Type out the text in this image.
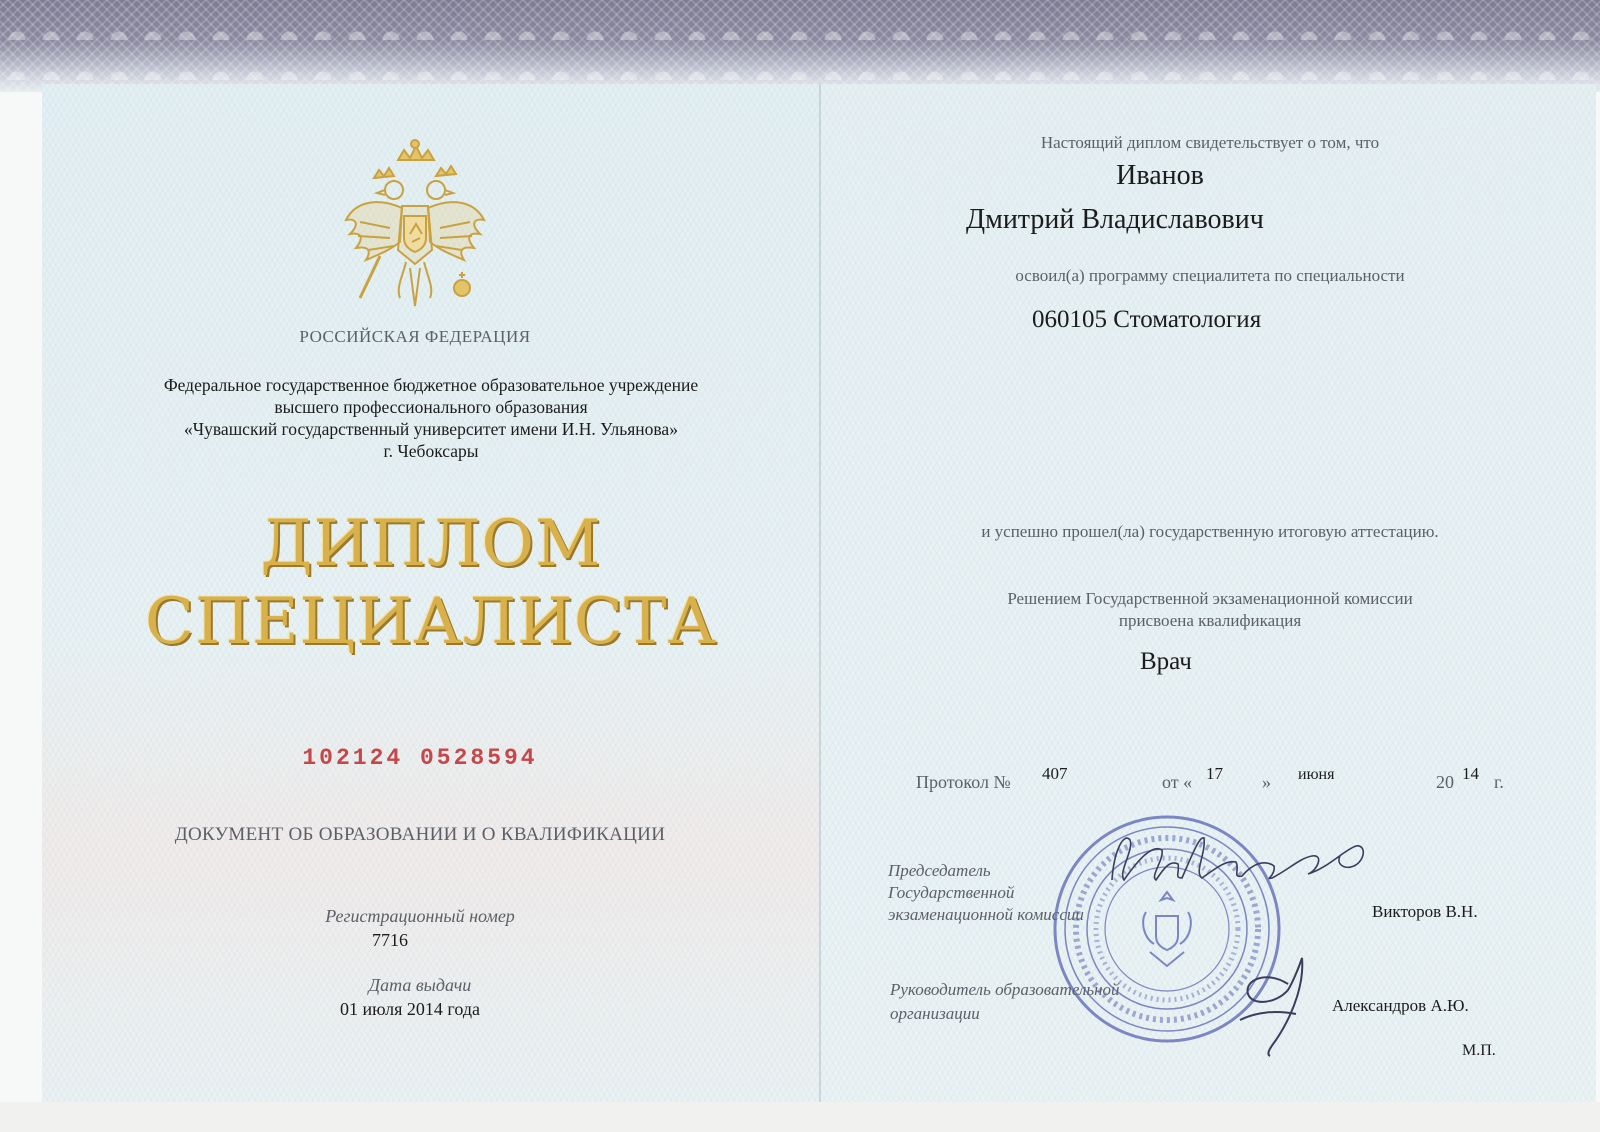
РОССИЙСКАЯ ФЕДЕРАЦИЯ
Федеральное государственное бюджетное образовательное учреждение
высшего профессионального образования
«Чувашский государственный университет имени И.Н. Ульянова»
г. Чебоксары
ДИПЛОМ
СПЕЦИАЛИСТА
102124 0528594
ДОКУМЕНТ ОБ ОБРАЗОВАНИИ И О КВАЛИФИКАЦИИ
Регистрационный номер
7716
Дата выдачи
01 июля 2014 года
Настоящий диплом свидетельствует о том, что
Иванов
Дмитрий Владиславович
освоил(а) программу специалитета по специальности
060105 Стоматология
и успешно прошел(ла) государственную итоговую аттестацию.
Решением Государственной экзаменационной комиссии
присвоена квалификация
Врач
Протокол № 407	от « 17 » июня	20 14 г.
Председатель
Государственной
экзаменационной комиссии	Викторов В.Н.
Руководитель образовательной
организации	Александров А.Ю.
М.П.
